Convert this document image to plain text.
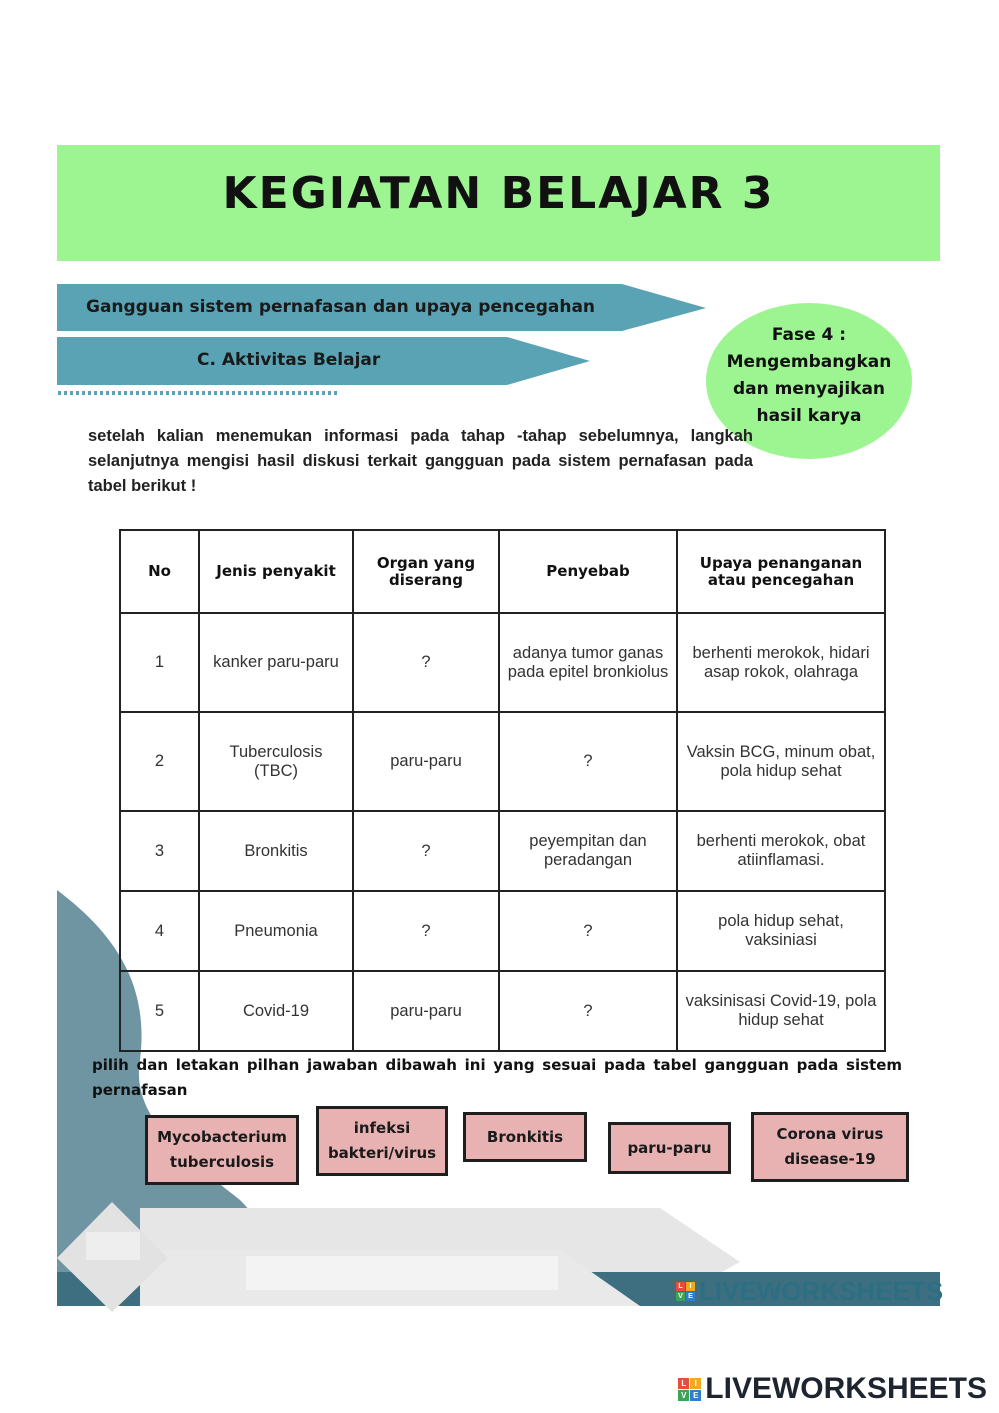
KEGIATAN BELAJAR 3
Gangguan sistem pernafasan dan upaya pencegahan
C. Aktivitas Belajar
Fase 4 :
Mengembangkan
dan menyajikan
hasil karya
setelah kalian menemukan informasi pada tahap -tahap sebelumnya, langkah selanjutnya mengisi hasil diskusi terkait gangguan pada sistem pernafasan pada tabel berikut !
No	Jenis penyakit	Organ yang diserang	Penyebab	Upaya penanganan atau pencegahan
1	kanker paru-paru	?	adanya tumor ganas pada epitel bronkiolus	berhenti merokok, hidari asap rokok, olahraga
2	Tuberculosis (TBC)	paru-paru	?	Vaksin BCG, minum obat, pola hidup sehat
3	Bronkitis	?	peyempitan dan peradangan	berhenti merokok, obat atiinflamasi.
4	Pneumonia	?	?	pola hidup sehat, vaksiniasi
5	Covid-19	paru-paru	?	vaksinisasi Covid-19, pola hidup sehat
pilih dan letakan pilhan jawaban dibawah ini yang sesuai pada tabel gangguan pada sistem pernafasan
Mycobacterium
tuberculosis
infeksi
bakteri/virus
Bronkitis
paru-paru
Corona virus
disease-19
L I
V E LIVEWORKSHEETS
L	I
V E LIVEWORKSHEETS
